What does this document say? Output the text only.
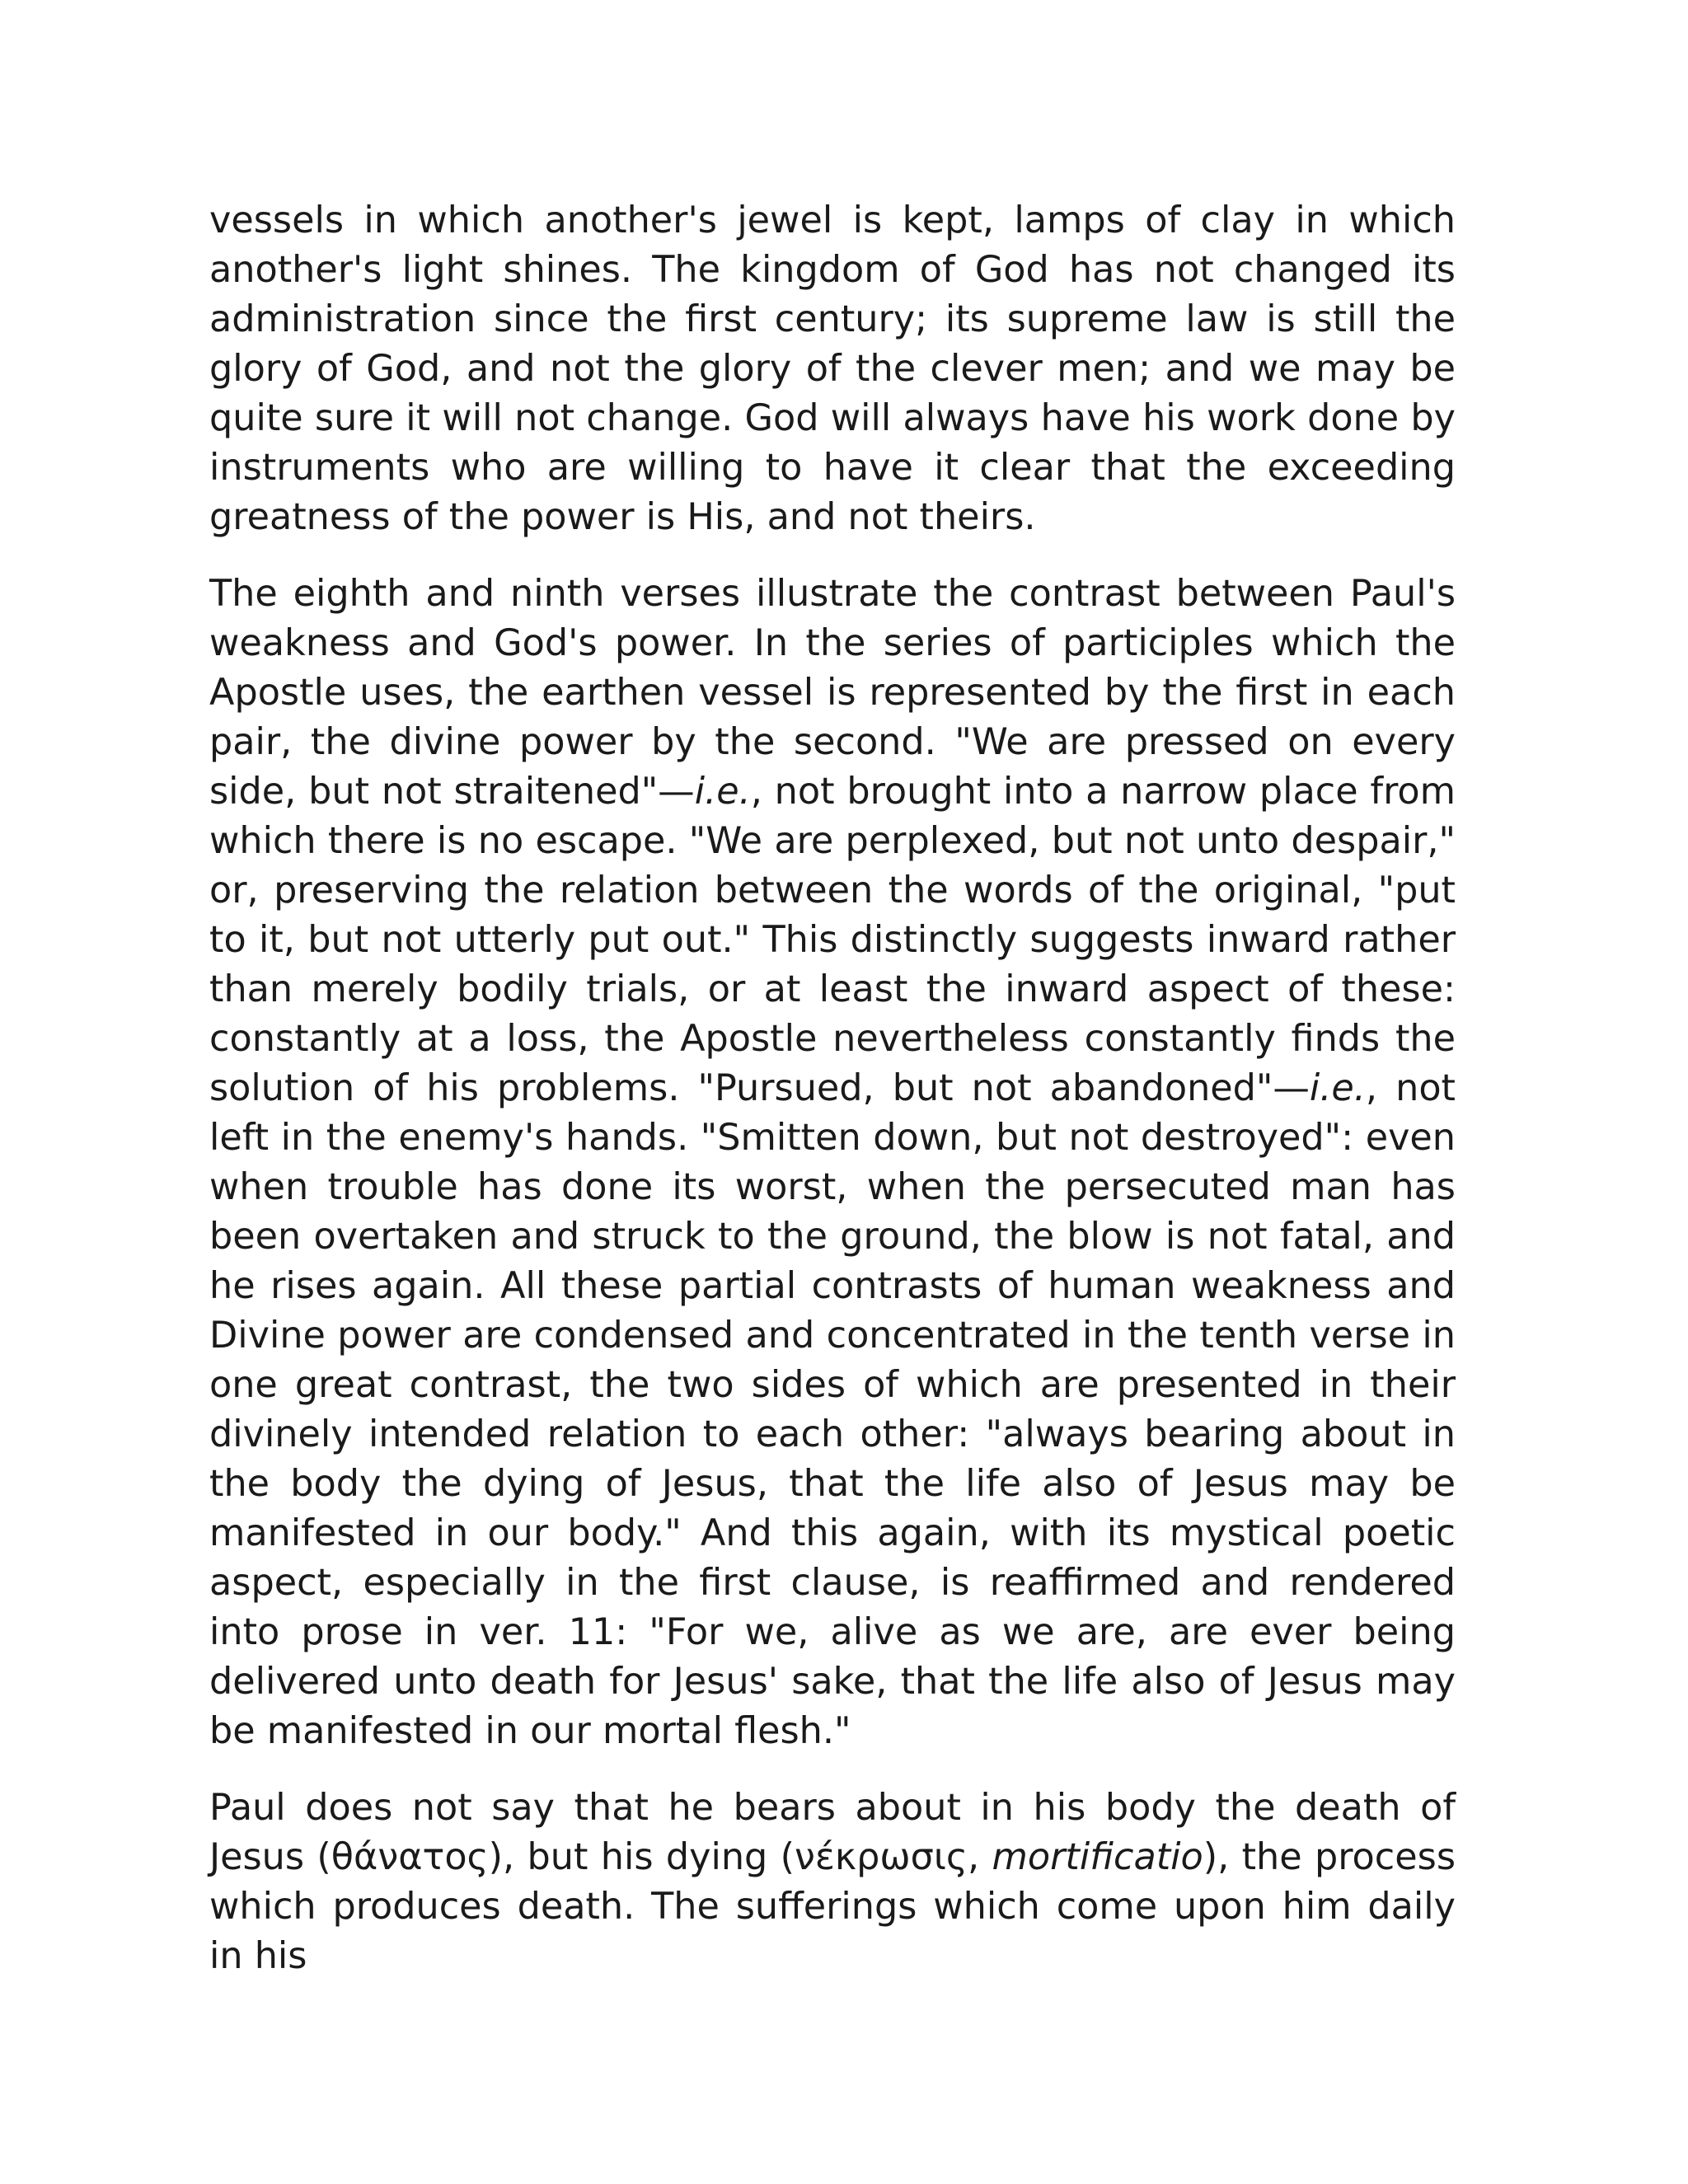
vessels in which another's jewel is kept, lamps of clay in which another's light shines. The kingdom of God has not changed its administration since the first century; its supreme law is still the glory of God, and not the glory of the clever men; and we may be quite sure it will not change. God will always have his work done by instruments who are willing to have it clear that the exceeding greatness of the power is His, and not theirs.

The eighth and ninth verses illustrate the contrast between Paul's weakness and God's power. In the series of participles which the Apostle uses, the earthen vessel is represented by the first in each pair, the divine power by the second. "We are pressed on every side, but not straitened"—i.e., not brought into a narrow place from which there is no escape. "We are perplexed, but not unto despair," or, preserving the relation between the words of the original, "put to it, but not utterly put out." This distinctly suggests inward rather than merely bodily trials, or at least the inward aspect of these: constantly at a loss, the Apostle nevertheless constantly finds the solution of his problems. "Pursued, but not abandoned"—i.e., not left in the enemy's hands. "Smitten down, but not destroyed": even when trouble has done its worst, when the persecuted man has been overtaken and struck to the ground, the blow is not fatal, and he rises again. All these partial contrasts of human weakness and Divine power are condensed and concentrated in the tenth verse in one great contrast, the two sides of which are presented in their divinely intended relation to each other: "always bearing about in the body the dying of Jesus, that the life also of Jesus may be manifested in our body." And this again, with its mystical poetic aspect, especially in the first clause, is reaffirmed and rendered into prose in ver. 11: "For we, alive as we are, are ever being delivered unto death for Jesus' sake, that the life also of Jesus may be manifested in our mortal flesh."

Paul does not say that he bears about in his body the death of Jesus (θάνατος), but his dying (νέκρωσις, mortificatio), the process which produces death. The sufferings which come upon him daily in his
